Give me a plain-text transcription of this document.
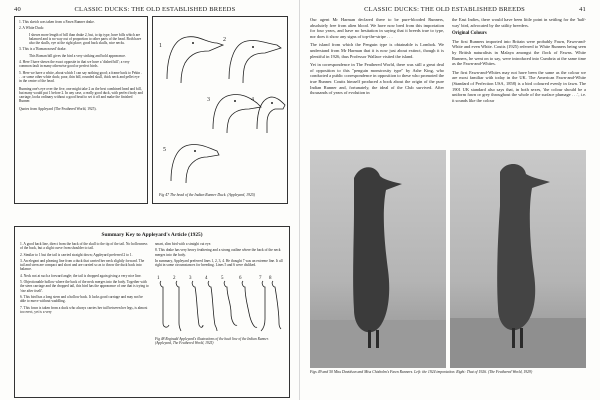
40	CLASSIC DUCKS: THE OLD ESTABLISHED BREEDS

1. This sketch was taken from a Fawn Runner drake.

2. A White Duck:

I shewn more length of bill than drake 2, but, to tip type, have bills which are balanced and is no way out of proportion to other parts of the head. Both have also the skulls, eye at the right place; good back skulls, nice necks.

3. This is a 'Roman nosed' drake.

This Roman bill gives the bird a very striking and bold appearance.

4. Here I have shewn the exact opposite in that we have a 'dished bill'; a very common fault in many otherwise good or perfect birds.

5. Here we have a white, about which I can say nothing good; a frame back to Pekin . . . or some other white duck; poor, thin bill, rounded skull, thick neck and pellet eye in the centre of the head.

Running one's eye over the five, one might take 2 as the best combined head and bill, but many would put 1 before 2. In any case, a really good duck, with perfect body and carriage, looks ordinary without a good head to set it off and make the finished Runner.

Quotes from Appleyard (The Feathered World, 1925).

1
2
3	4
5
Fig 47 The head of the Indian Runner Duck. (Appleyard, 1925)
Summary Key to Appleyard's Article (1925)

1. A good back line, direct from the back of the skull to the tip of the tail. No hollowness of the back, but a slight curve from shoulder to tail.

2. Similar to 1 but the tail is carried straight down; Appleyard preferred 2 to 1.

3. An elegant and pleasing line from a duck that carried her neck slightly forward. The tail and stern are compact and short and are carried so as to throw the duck back into balance.

4. Neck not at such a forward angle; the tail is dropped again giving a very nice line.

5. Objectionable hollow where the back of the neck merges into the body. Together with the stern carriage and the dropped tail, this bird has the appearance of one that is trying to 'rise after itself'.

6. This bird has a long stern and a hollow back. It lacks good carriage and may not be able to move without waddling.

7. This fawn is taken from a duck who always carries her tail between her legs, is almost too erect, yet is a very

smart, slim bird with a straight cut eye.

8. This drake has very heavy feathering and a strong outline where the back of the neck merges into the body.

In summary, Appleyard preferred lines 1, 2, 3, 4. He thought 7 was an extreme line. It all right in some circumstances for breeding. Lines 5 and 6 were disliked.

1	2	3	4	5	6	7 8

Fig 48 Reginald Appleyard's illustrations of the back line of the Indian Runner. (Appleyard, The Feathered World, 1925)

CLASSIC DUCKS: THE OLD ESTABLISHED BREEDS	41

Our agent Mr Harman declared there to be pure-blooded Runners, absolutely free from alien blood. We have now bred from this importation for four years, and have no hesitation in saying that it breeds true to type, nor does it show any signs of top-the-stripe . . .

The island from which the Penguin type is obtainable is Lombok. We understand from Mr Harman that it is now just about extinct, though it is plentiful in 1926, thus Professor Wallace visited the island.

Yet in correspondence in The Feathered World, there was still a great deal of opposition to this "penguin monstrosity type" by Ashe King, who conducted a public correspondence in opposition to these who promoted the true Runner. Coutts himself produced a book about the origin of the pure Indian Runner and, fortunately, the ideal of the Club survived. After thousands of years of evolution in

the East Indies, there would have been little point in settling for the 'half-way' bird, advocated by the utility breeders.

Original Colours

The first Runners imported into Britain were probably Fawn, Fawn-and-White and even White. Coutts (1925) referred to White Runners being seen by British naturalists in Malaya amongst the flock of Fawns. White Runners, he went on to say, were introduced into Cumbria at the same time as the Fawn-and-Whites.

The first Fawn-and-Whites may not have been the same as the colour we are most familiar with today in the UK. The American Fawn-and-White (Standard of Perfection USA, 1858) is a bird coloured evenly in fawn. The 1901 UK standard also says that, in both sexes, 'the colour should be a uniform fawn or grey throughout the whole of the surface plumage . . .', i.e. it sounds like the colour

Figs 49 and 50 Miss Davidson and Miss Chisholm's Fawn Runners. Left: the 1924 importation. Right: That of 1926. (The Feathered World, 1929)
